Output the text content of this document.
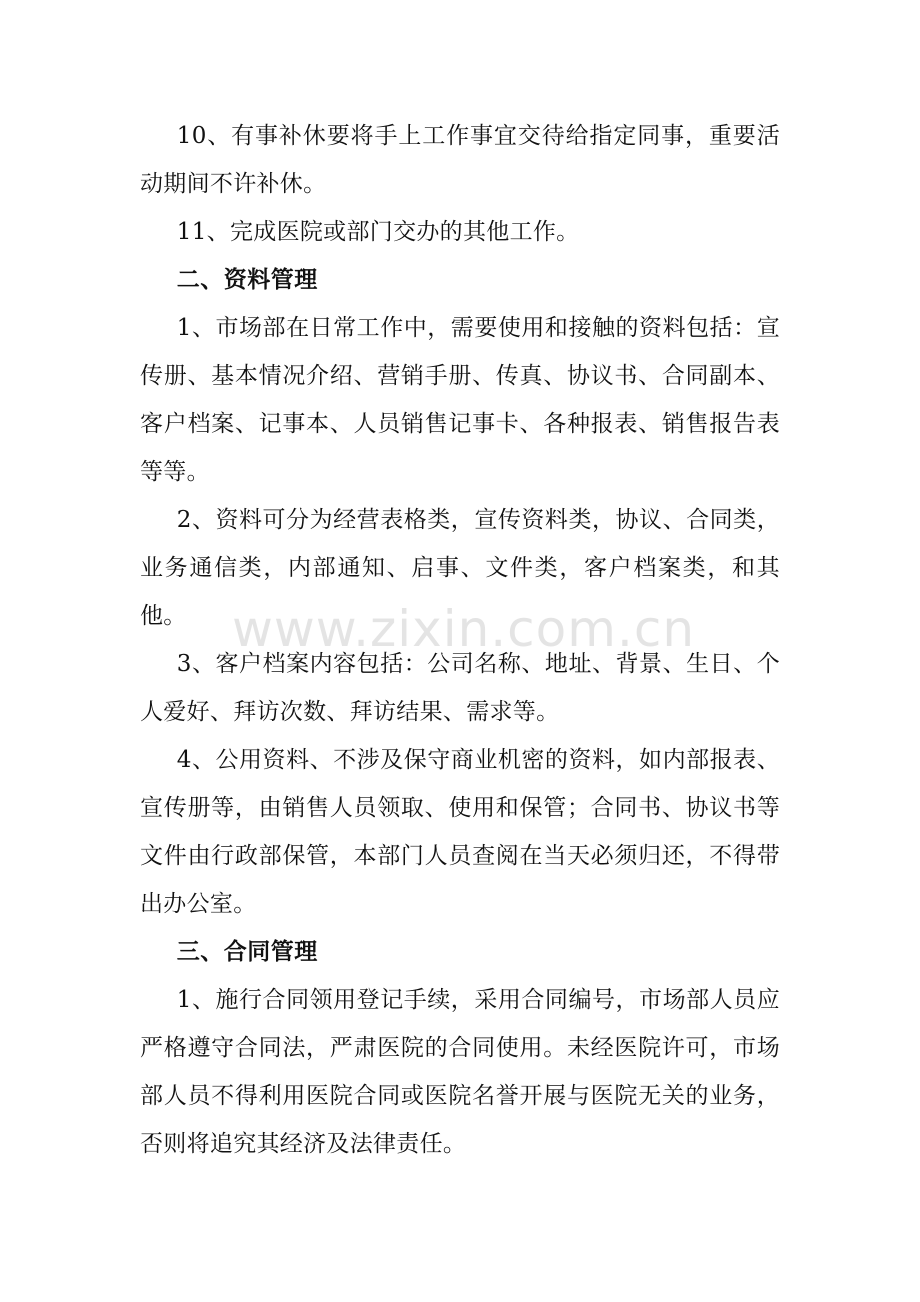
10、有事补休要将手上工作事宜交待给指定同事，重要活动期间不许补休。

11、完成医院或部门交办的其他工作。

二、资料管理

1、市场部在日常工作中，需要使用和接触的资料包括：宣传册、基本情况介绍、营销手册、传真、协议书、合同副本、客户档案、记事本、人员销售记事卡、各种报表、销售报告表等等。

2、资料可分为经营表格类，宣传资料类，协议、合同类，业务通信类，内部通知、启事、文件类，客户档案类，和其他。

3、客户档案内容包括：公司名称、地址、背景、生日、个人爱好、拜访次数、拜访结果、需求等。

4、公用资料、不涉及保守商业机密的资料，如内部报表、宣传册等，由销售人员领取、使用和保管；合同书、协议书等文件由行政部保管，本部门人员查阅在当天必须归还，不得带出办公室。

三、合同管理

1、施行合同领用登记手续，采用合同编号，市场部人员应严格遵守合同法，严肃医院的合同使用。未经医院许可，市场部人员不得利用医院合同或医院名誉开展与医院无关的业务，否则将追究其经济及法律责任。

www.zixin.com.cn
